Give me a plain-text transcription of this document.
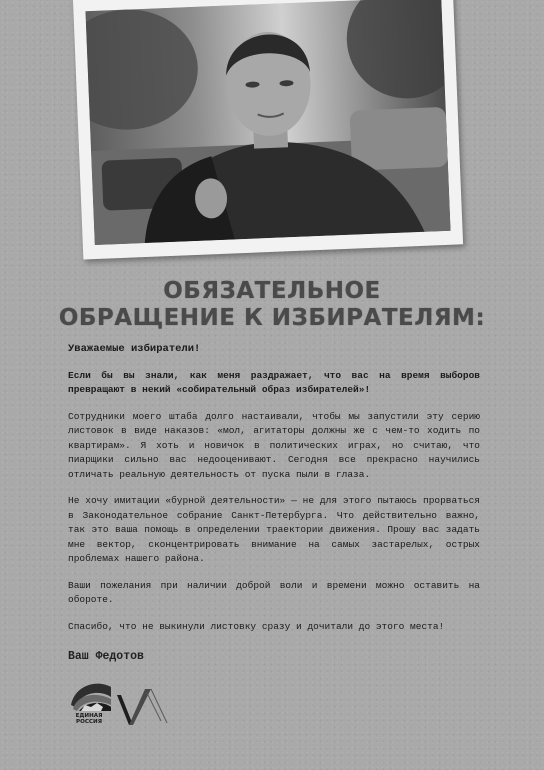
ОБЯЗАТЕЛЬНОЕ
ОБРАЩЕНИЕ К ИЗБИРАТЕЛЯМ:

Уважаемые избиратели!

Если бы вы знали, как меня раздражает, что вас на время выборов превращают в некий «собирательный образ избирателей»!

Сотрудники моего штаба долго настаивали, чтобы мы запустили эту серию листовок в виде наказов: «мол, агитаторы должны же с чем-то ходить по квартирам». Я хоть и новичок в политических играх, но считаю, что пиарщики сильно вас недооценивают. Сегодня все прекрасно научились отличать реальную деятельность от пуска пыли в глаза.

Не хочу имитации «бурной деятельности» — не для этого пытаюсь прорваться в Законодательное собрание Санкт-Петербурга. Что действительно важно, так это ваша помощь в определении траектории движения. Прошу вас задать мне вектор, сконцентрировать внимание на самых застарелых, острых проблемах нашего района.

Ваши пожелания при наличии доброй воли и времени можно оставить на обороте.

Спасибо, что не выкинули листовку сразу и дочитали до этого места!

Ваш Федотов
ЕДИНАЯ
РОССИЯ
